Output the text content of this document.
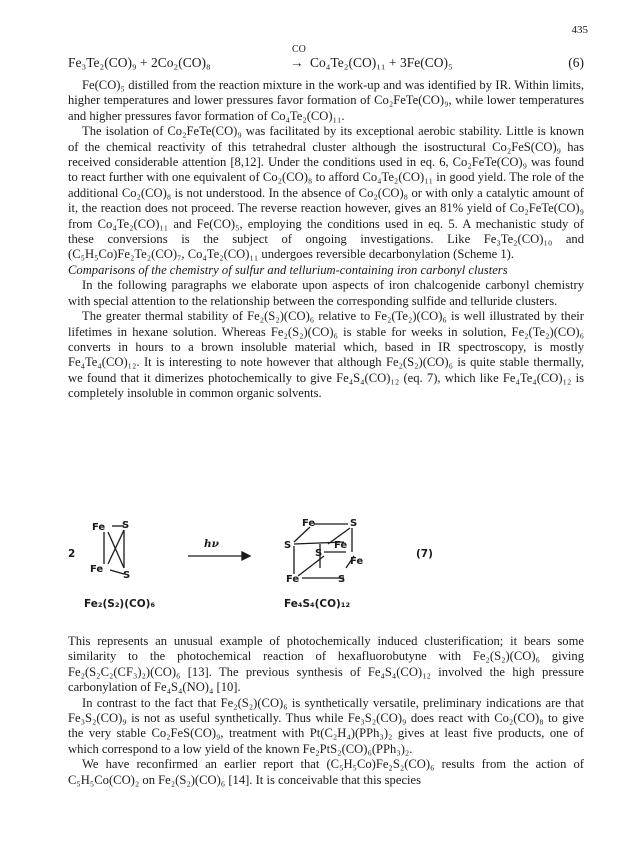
435
Fe₃Te₂(CO)₉ + 2Co₂(CO)₈
CO
→ Co₄Te₂(CO)₁₁ + 3Fe(CO)₅	(6)

Fe(CO)₅ distilled from the reaction mixture in the work-up and was identified by IR. Within limits, higher temperatures and lower pressures favor formation of Co₂FeTe(CO)₉, while lower temperatures and higher pressures favor formation of Co₄Te₂(CO)₁₁.
The isolation of Co₂FeTe(CO)₉ was facilitated by its exceptional aerobic stability. Little is known of the chemical reactivity of this tetrahedral cluster although the isostructural Co₂FeS(CO)₉ has received considerable attention [8,12]. Under the conditions used in eq. 6, Co₂FeTe(CO)₉ was found to react further with one equivalent of Co₂(CO)₈ to afford Co₄Te₂(CO)₁₁ in good yield. The role of the additional Co₂(CO)₈ is not understood. In the absence of Co₂(CO)₈ or with only a catalytic amount of it, the reaction does not proceed. The reverse reaction however, gives an 81% yield of Co₂FeTe(CO)₉ from Co₄Te₂(CO)₁₁ and Fe(CO)₅, employing the conditions used in eq. 5. A mechanistic study of these conversions is the subject of ongoing investigations. Like Fe₃Te₂(CO)₁₀ and (C₅H₅Co)Fe₂Te₂(CO)₇, Co₄Te₂(CO)₁₁ undergoes reversible decarbonylation (Scheme 1).
Comparisons of the chemistry of sulfur and tellurium-containing iron carbonyl clusters
In the following paragraphs we elaborate upon aspects of iron chalcogenide carbonyl chemistry with special attention to the relationship between the corresponding sulfide and telluride clusters.
The greater thermal stability of Fe₂(S₂)(CO)₆ relative to Fe₂(Te₂)(CO)₆ is well illustrated by their lifetimes in hexane solution. Whereas Fe₂(S₂)(CO)₆ is stable for weeks in solution, Fe₂(Te₂)(CO)₆ converts in hours to a brown insoluble material which, based in IR spectroscopy, is mostly Fe₄Te₄(CO)₁₂. It is interesting to note however that although Fe₂(S₂)(CO)₆ is quite stable thermally, we found that it dimerizes photochemically to give Fe₄S₄(CO)₁₂ (eq. 7), which like Fe₄Te₄(CO)₁₂ is completely insoluble in common organic solvents.

Fe S
Fe
S
Fe	S
S	Fe
S
Fe
Fe	S
2
hν
(7)
Fe₂(S₂)(CO)₆	Fe₄S₄(CO)₁₂

This represents an unusual example of photochemically induced clusterification; it bears some similarity to the photochemical reaction of hexafluorobutyne with Fe₂(S₂)(CO)₆ giving Fe₂(S₂C₂(CF₃)₂)(CO)₆ [13]. The previous synthesis of Fe₄S₄(CO)₁₂ involved the high pressure carbonylation of Fe₄S₄(NO)₄ [10].
In contrast to the fact that Fe₂(S₂)(CO)₆ is synthetically versatile, preliminary indications are that Fe₃S₂(CO)₉ is not as useful synthetically. Thus while Fe₃S₂(CO)₉ does react with Co₂(CO)₈ to give the very stable Co₂FeS(CO)₉, treatment with Pt(C₂H₄)(PPh₃)₂ gives at least five products, one of which correspond to a low yield of the known Fe₂PtS₂(CO)₆(PPh₃)₂.
We have reconfirmed an earlier report that (C₅H₅Co)Fe₂S₂(CO)₆ results from the action of C₅H₅Co(CO)₂ on Fe₂(S₂)(CO)₆ [14]. It is conceivable that this species
